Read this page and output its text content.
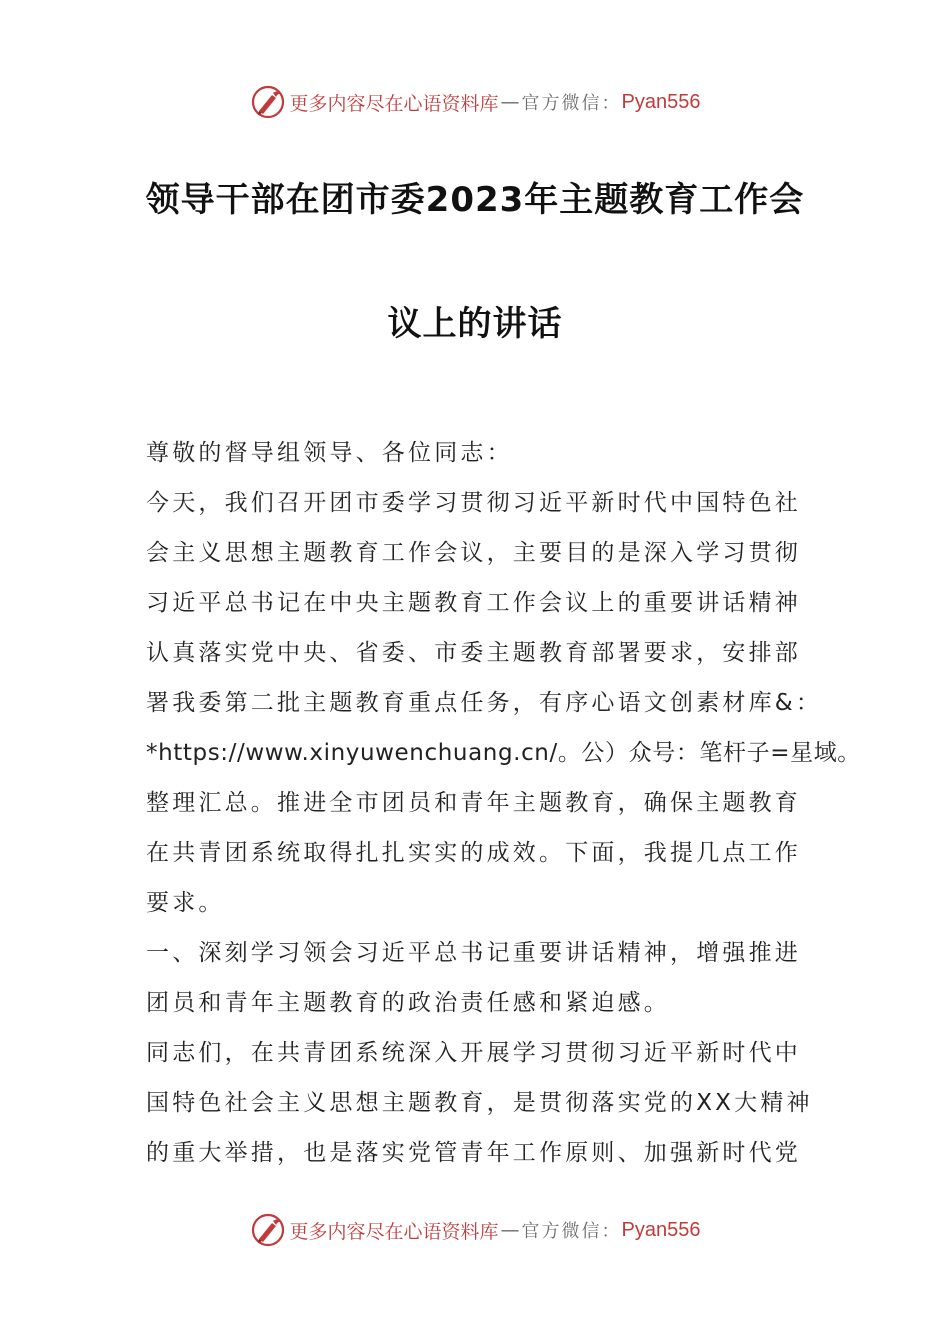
更多内容尽在心语资料库 — 官方微信： Pyan556
领导干部在团市委2023年主题教育工作会
议上的讲话
尊敬的督导组领导、各位同志：
今天，我们召开团市委学习贯彻习近平新时代中国特色社
会主义思想主题教育工作会议，主要目的是深入学习贯彻
习近平总书记在中央主题教育工作会议上的重要讲话精神
认真落实党中央、省委、市委主题教育部署要求，安排部
署我委第二批主题教育重点任务，有序心语文创素材库&：
*https://www.xinyuwenchuang.cn/。公）众号：笔杆子=星域。
整理汇总。推进全市团员和青年主题教育，确保主题教育
在共青团系统取得扎扎实实的成效。下面，我提几点工作
要求。
一、深刻学习领会习近平总书记重要讲话精神，增强推进
团员和青年主题教育的政治责任感和紧迫感。
同志们，在共青团系统深入开展学习贯彻习近平新时代中
国特色社会主义思想主题教育，是贯彻落实党的XX大精神
的重大举措，也是落实党管青年工作原则、加强新时代党
更多内容尽在心语资料库 — 官方微信： Pyan556
